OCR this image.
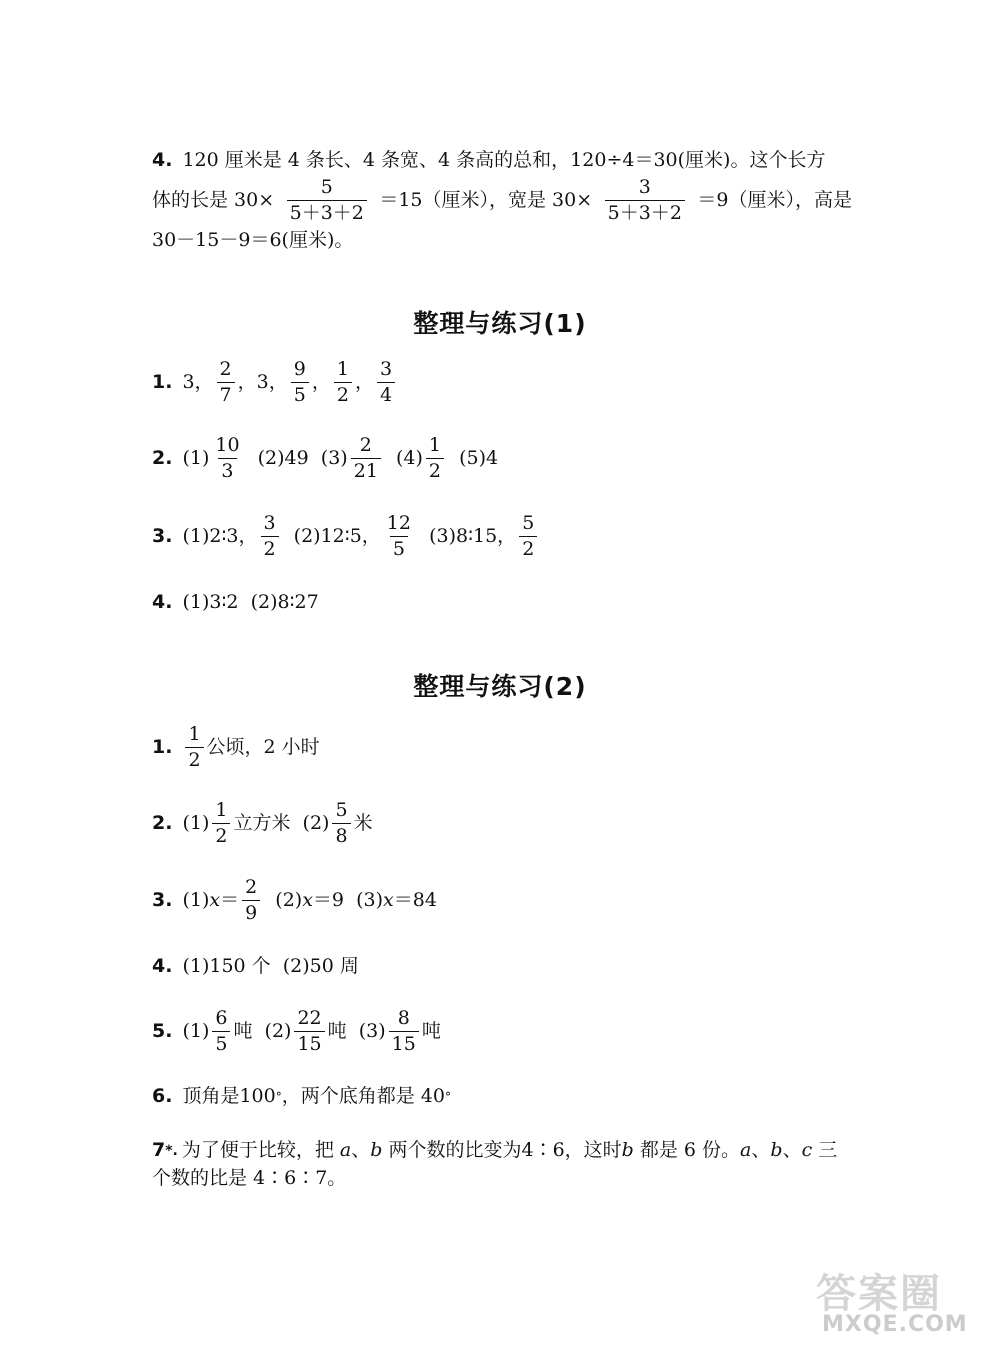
4. 120 厘米是 4 条长、4 条宽、4 条高的总和，120÷4＝30(厘米)。这个长方
体的长是 $30\times \frac{5}{5+3+2} =15$（厘米），宽是 $30\times \frac{3}{5+3+2} =9$（厘米），高是
30－15－9＝6(厘米)。
整理与练习(1)
1. 3， $\frac{2}{7}$ ，3， $\frac{9}{5}$ ， $\frac{1}{2}$ ， $\frac{3}{4}$
2. $(1) \frac{10}{3} (2)49$  $(3) \frac{2}{21} (4) \frac{1}{2} (5)4$
3. (1)2∶3， $\frac{3}{2}$ (2)12∶5， $\frac{12}{5}$ (3)8∶15， $\frac{5}{2}$
4. (1)3∶2  (2)8∶27
整理与练习(2)
1. $\frac{1}{2}$ 公顷，2 小时
2. $(1) \frac{1}{2}$ 立方米  $(2) \frac{5}{8}$ 米
3. (1) $x = \frac{2}{9} (2)$ x ＝9  (3) x ＝84
4. (1)150 个  (2)50 周
5. $(1) \frac{6}{5}$ 吨  $(2) \frac{22}{15}$ 吨  $(3) \frac{8}{15}$ 吨
6. 顶角是100 ° ，两个底角都是 40 °
7 *. 为了便于比较，把 a 、 b 两个数的比变为4∶6，这时 b 都是 6 份。 a 、 b 、 c 三
个数的比是 4∶6∶7。
答案圈
MXQE.COM
